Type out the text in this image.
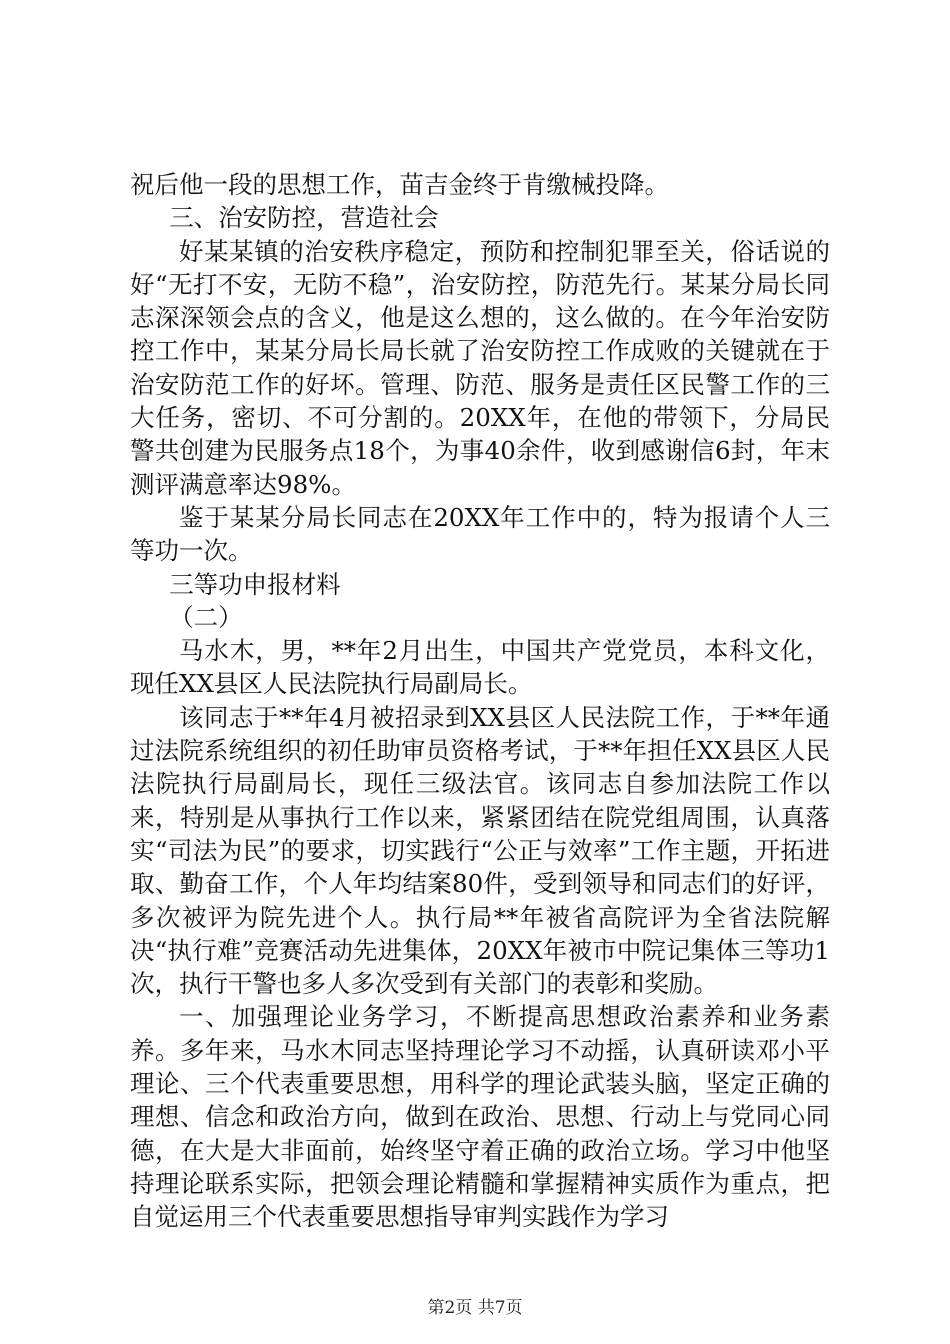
祝后他一段的思想工作，苗吉金终于肯缴械投降。

三、治安防控，营造社会

好某某镇的治安秩序稳定，预防和控制犯罪至关，俗话说的好“无打不安，无防不稳”，治安防控，防范先行。某某分局长同志深深领会点的含义，他是这么想的，这么做的。在今年治安防控工作中，某某分局长局长就了治安防控工作成败的关键就在于治安防范工作的好坏。管理、防范、服务是责任区民警工作的三大任务，密切、不可分割的。20XX年，在他的带领下，分局民警共创建为民服务点18个，为事40余件，收到感谢信6封，年末测评满意率达98%。

鉴于某某分局长同志在20XX年工作中的，特为报请个人三等功一次。

三等功申报材料

（二）

马水木，男，**年2月出生，中国共产党党员，本科文化，现任XX县区人民法院执行局副局长。

该同志于**年4月被招录到XX县区人民法院工作，于**年通过法院系统组织的初任助审员资格考试，于**年担任XX县区人民法院执行局副局长，现任三级法官。该同志自参加法院工作以来，特别是从事执行工作以来，紧紧团结在院党组周围，认真落实“司法为民”的要求，切实践行“公正与效率”工作主题，开拓进取、勤奋工作，个人年均结案80件，受到领导和同志们的好评，多次被评为院先进个人。执行局**年被省高院评为全省法院解决“执行难”竞赛活动先进集体，20XX年被市中院记集体三等功1次，执行干警也多人多次受到有关部门的表彰和奖励。

一、加强理论业务学习，不断提高思想政治素养和业务素养。多年来，马水木同志坚持理论学习不动摇，认真研读邓小平理论、三个代表重要思想，用科学的理论武装头脑，坚定正确的理想、信念和政治方向，做到在政治、思想、行动上与党同心同德，在大是大非面前，始终坚守着正确的政治立场。学习中他坚持理论联系实际，把领会理论精髓和掌握精神实质作为重点，把自觉运用三个代表重要思想指导审判实践作为学习

第2页 共7页
